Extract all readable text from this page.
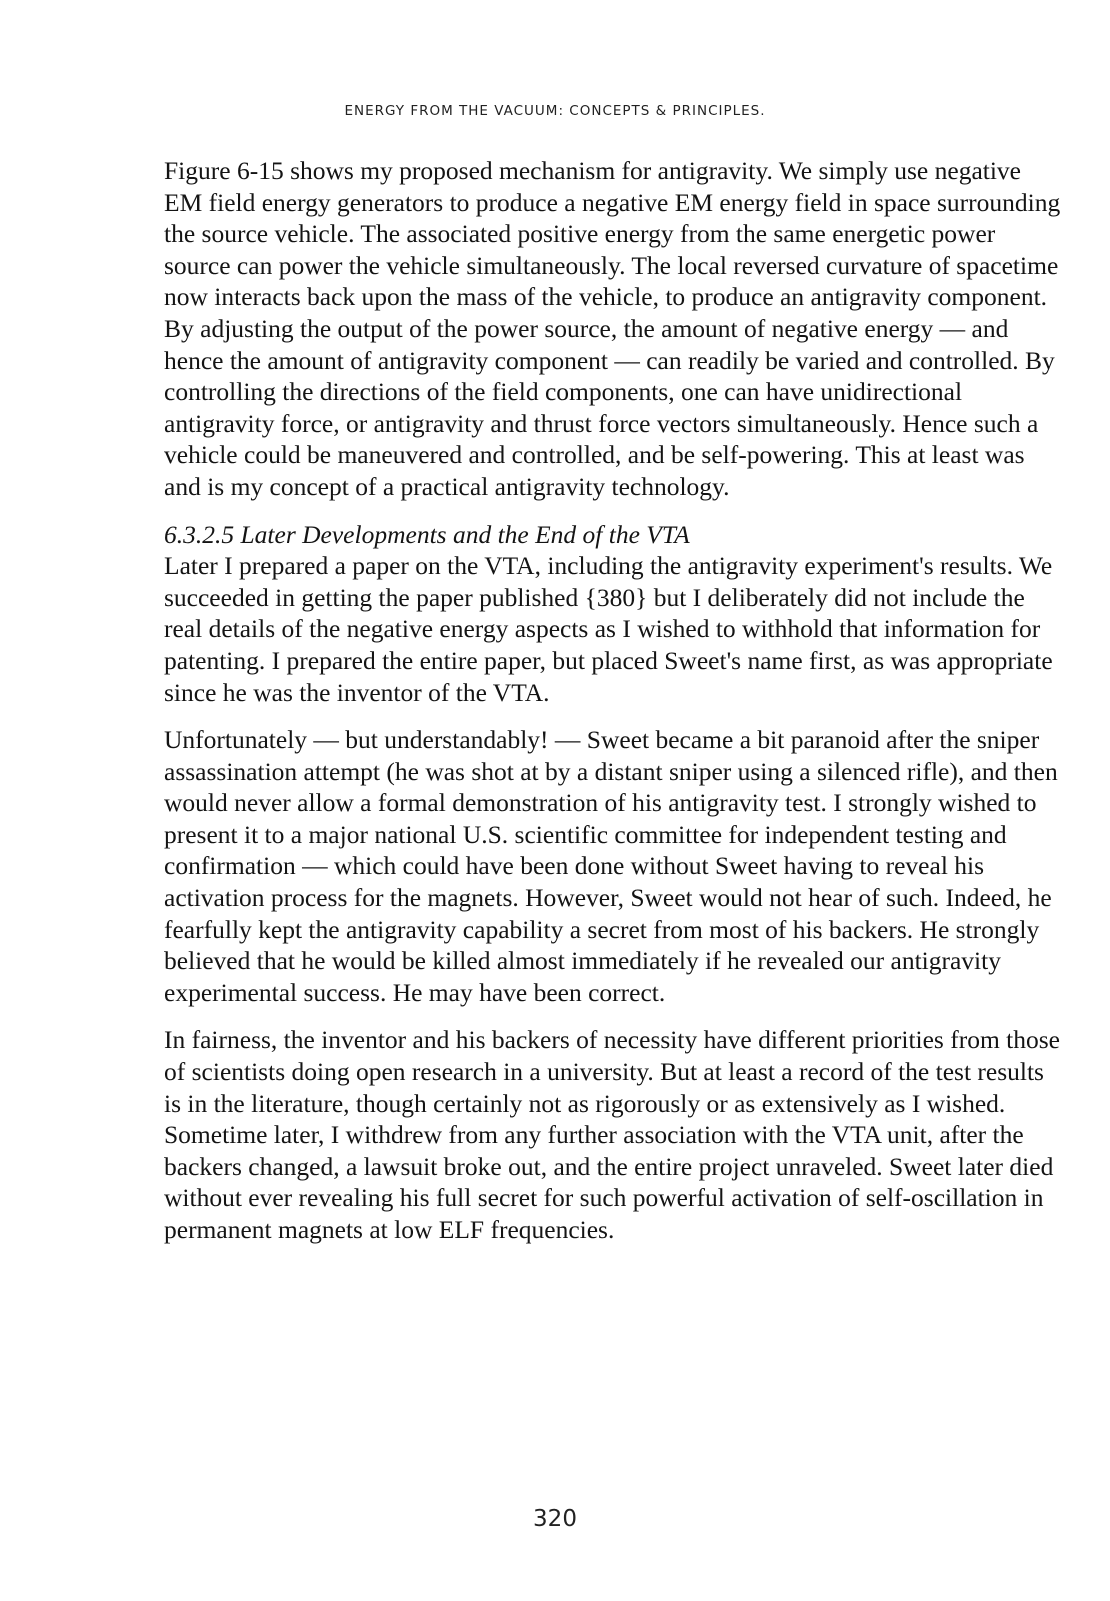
ENERGY FROM THE VACUUM: CONCEPTS & PRINCIPLES.

Figure 6-15 shows my proposed mechanism for antigravity. We simply use negative EM field energy generators to produce a negative EM energy field in space surrounding the source vehicle. The associated positive energy from the same energetic power source can power the vehicle simultaneously. The local reversed curvature of spacetime now interacts back upon the mass of the vehicle, to produce an antigravity component. By adjusting the output of the power source, the amount of negative energy — and hence the amount of antigravity component — can readily be varied and controlled. By controlling the directions of the field components, one can have unidirectional antigravity force, or antigravity and thrust force vectors simultaneously. Hence such a vehicle could be maneuvered and controlled, and be self-powering. This at least was and is my concept of a practical antigravity technology.

6.3.2.5 Later Developments and the End of the VTA

Later I prepared a paper on the VTA, including the antigravity experiment's results. We succeeded in getting the paper published {380} but I deliberately did not include the real details of the negative energy aspects as I wished to withhold that information for patenting. I prepared the entire paper, but placed Sweet's name first, as was appropriate since he was the inventor of the VTA.

Unfortunately — but understandably! — Sweet became a bit paranoid after the sniper assassination attempt (he was shot at by a distant sniper using a silenced rifle), and then would never allow a formal demonstration of his antigravity test. I strongly wished to present it to a major national U.S. scientific committee for independent testing and confirmation — which could have been done without Sweet having to reveal his activation process for the magnets. However, Sweet would not hear of such. Indeed, he fearfully kept the antigravity capability a secret from most of his backers. He strongly believed that he would be killed almost immediately if he revealed our antigravity experimental success. He may have been correct.

In fairness, the inventor and his backers of necessity have different priorities from those of scientists doing open research in a university. But at least a record of the test results is in the literature, though certainly not as rigorously or as extensively as I wished. Sometime later, I withdrew from any further association with the VTA unit, after the backers changed, a lawsuit broke out, and the entire project unraveled. Sweet later died without ever revealing his full secret for such powerful activation of self-oscillation in permanent magnets at low ELF frequencies.

320
